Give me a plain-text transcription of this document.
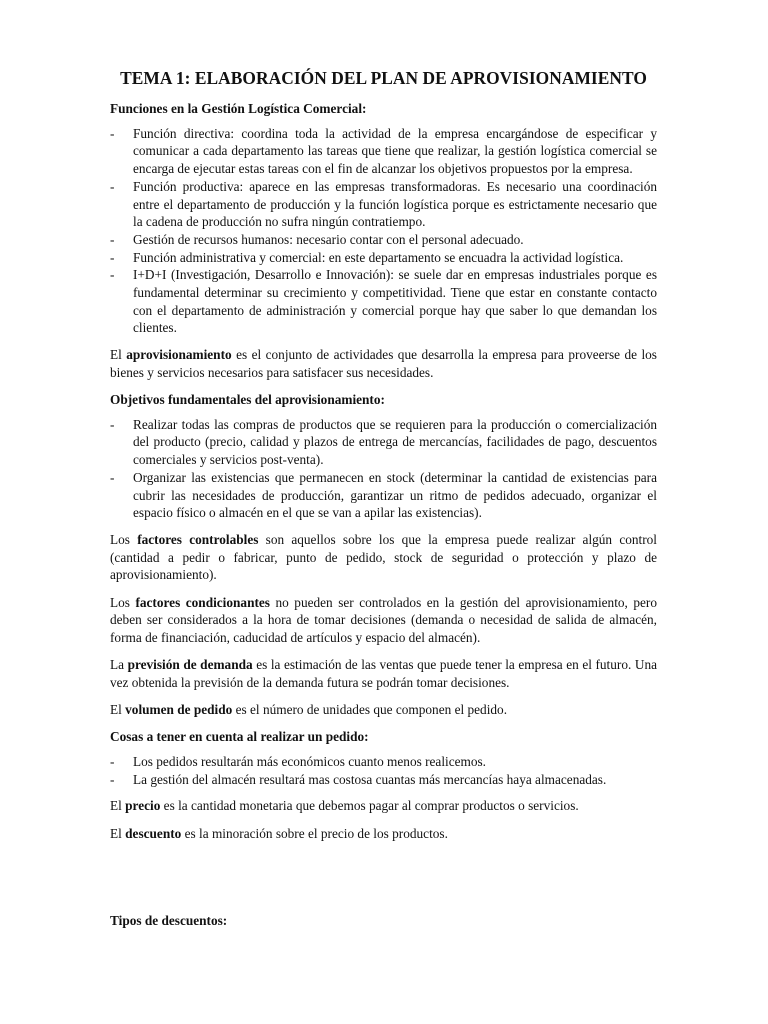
TEMA 1: ELABORACIÓN DEL PLAN DE APROVISIONAMIENTO
Funciones en la Gestión Logística Comercial:
- Función directiva: coordina toda la actividad de la empresa encargándose de especificar y comunicar a cada departamento las tareas que tiene que realizar, la gestión logística comercial se encarga de ejecutar estas tareas con el fin de alcanzar los objetivos propuestos por la empresa.
- Función productiva: aparece en las empresas transformadoras. Es necesario una coordinación entre el departamento de producción y la función logística porque es estrictamente necesario que la cadena de producción no sufra ningún contratiempo.
- Gestión de recursos humanos: necesario contar con el personal adecuado.
- Función administrativa y comercial: en este departamento se encuadra la actividad logística.
- I+D+I (Investigación, Desarrollo e Innovación): se suele dar en empresas industriales porque es fundamental determinar su crecimiento y competitividad. Tiene que estar en constante contacto con el departamento de administración y comercial porque hay que saber lo que demandan los clientes.

El aprovisionamiento es el conjunto de actividades que desarrolla la empresa para proveerse de los bienes y servicios necesarios para satisfacer sus necesidades.

Objetivos fundamentales del aprovisionamiento:
- Realizar todas las compras de productos que se requieren para la producción o comercialización del producto (precio, calidad y plazos de entrega de mercancías, facilidades de pago, descuentos comerciales y servicios post-venta).
- Organizar las existencias que permanecen en stock (determinar la cantidad de existencias para cubrir las necesidades de producción, garantizar un ritmo de pedidos adecuado, organizar el espacio físico o almacén en el que se van a apilar las existencias).

Los factores controlables son aquellos sobre los que la empresa puede realizar algún control (cantidad a pedir o fabricar, punto de pedido, stock de seguridad o protección y plazo de aprovisionamiento).

Los factores condicionantes no pueden ser controlados en la gestión del aprovisionamiento, pero deben ser considerados a la hora de tomar decisiones (demanda o necesidad de salida de almacén, forma de financiación, caducidad de artículos y espacio del almacén).

La previsión de demanda es la estimación de las ventas que puede tener la empresa en el futuro. Una vez obtenida la previsión de la demanda futura se podrán tomar decisiones.

El volumen de pedido es el número de unidades que componen el pedido.

Cosas a tener en cuenta al realizar un pedido:
- Los pedidos resultarán más económicos cuanto menos realicemos.
- La gestión del almacén resultará mas costosa cuantas más mercancías haya almacenadas.

El precio es la cantidad monetaria que debemos pagar al comprar productos o servicios.

El descuento es la minoración sobre el precio de los productos.

Tipos de descuentos:
